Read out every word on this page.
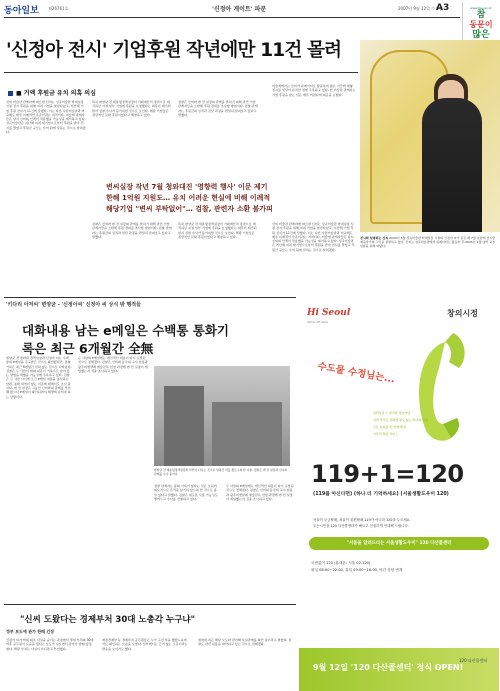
동아일보 제26761호	'신정아 게이트' 파문	2007년 9월 12일 수요일
A3	www.hsu.ac.kr
참
동문이
많은
'신정아 전시' 기업후원 작년에만 11건 몰려
■ 거액 후원금 유치 의혹 의심
신씨 미술관 관계자에 따르면 신씨는 성곡미술관 학예실장 시절 전시 후원을 위해 여러 기업을 찾아다녔고, 지난해 기업 후원 전시가 11건에 달했다. 이는 다른 사립미술관과 비교해도 매우 이례적인 수준이라는 지적이다. 미술계 관계자들은 당시 신씨의 인맥이 작용했을 가능성을 제기하고 있다. 성곡미술관은 지난해 여러 대기업으로부터 후원을 받아 전시를 열었고 후원금 규모는 수억 원에 달하는 것으로 알려졌다.
특히 변양균 전 대통령정책실장이 기획예산처 장관으로 재직하던 시절 일부 기업에 후원을 요청했다는 의혹이 제기되면서 검찰 수사가 불가피할 것으로 보인다. 해당 기업들은 정상적인 문화 후원이었다고 해명하고 있다.
검찰은 신씨와 변 전 실장의 관계를 밝히기 위해 관련 기업 관계자들을 소환해 후원 경위를 조사할 방침이다. 검찰 관계자는 후원금의 성격과 전달 과정을 면밀히 살펴보고 있다고 말했다.
미술계에서는 신씨가 큐레이터로 활동하며 짧은 기간에 대형 전시를 잇달아 유치한 점에 주목하고 있다. 한 미술관 관계자는 기업 후원을 받는 일은 매우 어렵다며 의문을 표했다.
변씨실장 작년 7월 청와대진 '영향력 행사' 이문 제기
한해 1억원 지원도… 유치 어려운 현실에 비해 이례적
해당기업 "변씨 부탁없어"… 검찰, 관련자 소환 불가피
검찰은 신씨와 변 전 실장의 관계를 밝히기 위해 관련 기업 관계자들을 소환해 후원 경위를 조사할 방침이다. 검찰 관계자는 후원금의 성격과 전달 과정을 면밀히 살펴보고 있다고 말했다.
특히 변양균 전 대통령정책실장이 기획예산처 장관으로 재직하던 시절 일부 기업에 후원을 요청했다는 의혹이 제기되면서 검찰 수사가 불가피할 것으로 보인다. 해당 기업들은 정상적인 문화 후원이었다고 해명하고 있다.
신씨 미술관 관계자에 따르면 신씨는 성곡미술관 학예실장 시절 전시 후원을 위해 여러 기업을 찾아다녔고, 지난해 기업 후원 전시가 11건에 달했다. 이는 다른 사립미술관과 비교해도 매우 이례적인 수준이라는 지적이다. 미술계 관계자들은 당시 신씨의 인맥이 작용했을 가능성을 제기하고 있다. 성곡미술관은 지난해 여러 대기업으로부터 후원을 받아 전시를 열었고 후원금 규모는 수억 원에 달하는 것으로 알려졌다.
전시회 설명하는 신씨 2004년 5월 성곡미술관 학예실장 시절의 신정아 씨가 같은 해 7월 호암에 전시한 재중작가의 그림을 설명하고 있다. 신씨는 성곡미술관에서 큐레이터로 활동한 후 2005년 2월 대학 교수 임용을 위해 떠났다.
'키다리 아저씨' 변양균 - '신정아씨' 신정아 씨 상식 밖 행적들
대화내용 남는 e메일은 수백통 통화기록은 최근 6개월간 全無
변양균 전 청와대 정책실장과 신정아 씨는 수백 통의 e메일을 주고받은 것으로 확인됐지만, 통화기록은 최근 6개월간 전혀 없는 것으로 나타났다. 검찰은 두 사람이 대화 내용이 기록으로 남지 않는 방법을 택했을 가능성에 주목하고 있다. 검찰은 두 사람 사이에 오간 e메일 내용을 분석하는 한편, 통화 내역이 없는 이유에 대해서도 조사 중이다. 변 전 실장은 그동안 신씨와의 관계를 부인해 왔으나 e메일이 확인되면서 해명에 나서야 하는 상황이다.
두 사람의 e메일에는 개인적인 내용이 다수 포함된 것으로 전해졌다. 검찰은 신씨의 동국대 교수 임용과 광주비엔날레 예술감독 선임 과정에 변 전 실장이 개입했는지 집중 조사하고 있다.
변양균 전 대통령정책실장의 부인이 다니는 것으로 알려진 서울 종로구의 한 사찰. 검찰은 변 전 실장과 신씨의 관계를 수사 중이다.
검찰 관계자는 통화 기록이 없다는 것은 오히려 의도적으로 흔적을 남기지 않으려 한 것으로 볼 수 있다고 말했다. 검찰은 대포폰 사용 가능성도 열어두고 수사를 진행하고 있다.
두 사람의 e메일에는 개인적인 내용이 다수 포함된 것으로 전해졌다. 검찰은 신씨의 동국대 교수 임용과 광주비엔날레 예술감독 선임 과정에 변 전 실장이 개입했는지 집중 조사하고 있다.
"신씨 도왔다는 경제부처 30대 노총각 누구냐"
정부 보도에 관가 한때 긴장
신정아 씨가 학위 위조 사실을 숨기는 과정에서 경제 부처의 30대 미혼 공무원이 도움을 줬다는 보도가 나오면서 관가가 한때 술렁였다. 해당 부처는 사실이 아니라고 부인했다.
재정경제부 등 경제부처 공무원들은 누가 그런 일을 했겠느냐며 서로 확인하는 모습을 보였다. 일부에서는 근거 없는 소문이라는 반응을 보이기도 했다.
청와대 측은 해당 보도와 관련해 사실관계를 확인 중이라고 밝혔다. 검찰도 관련 내용을 파악하고 있는 것으로 전해졌다.
Hi Seoul
SOUL OF ASIA
창의시정
수도물 수정님는...
일반상담 = 편리한 일반상담
여러 부서로 전화할 필요 없는 하나의 번호
모든 문의를 한 번에 해결
사투리 상담 서비스
119+1=120
(119를 아신다면) (하나 더 기억하세요) (서울생활도우미 120)
서울이 궁금할때, 서울이 불편할때 119가 아니라 120을 누르세요.
모든시민을 120 다산콜센터가 빠르고 친절하게 안내해 드립니다.
"서울을 알려드리는 서울생활도우미" 120 다산콜센터
국번없이 120 (휴대폰: 서울 02-120)
평일 08:00~22:00, 휴일 09:00~18:00, 야간 상담 연계
9월 12일 '120 다산콜센터' 정식 OPEN!
120 다산콜센터
